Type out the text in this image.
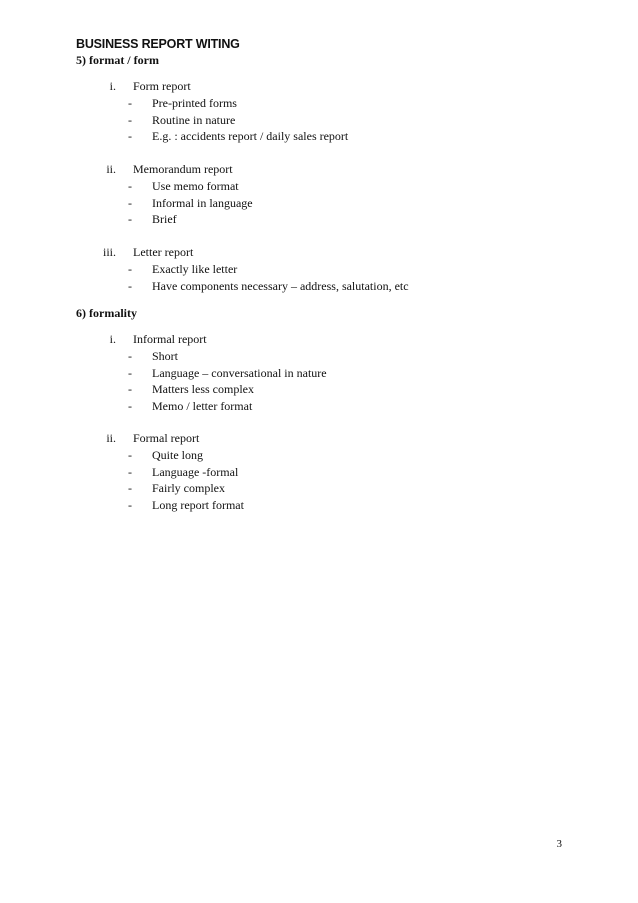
BUSINESS REPORT WITING
5) format / form
i. Form report
- Pre-printed forms
- Routine in nature
- E.g. : accidents report / daily sales report
ii. Memorandum report
- Use memo format
- Informal in language
- Brief
iii. Letter report
- Exactly like letter
- Have components necessary – address, salutation, etc
6) formality
i. Informal report
- Short
- Language – conversational in nature
- Matters less complex
- Memo / letter format
ii. Formal report
- Quite long
- Language -formal
- Fairly complex
- Long report format
3
